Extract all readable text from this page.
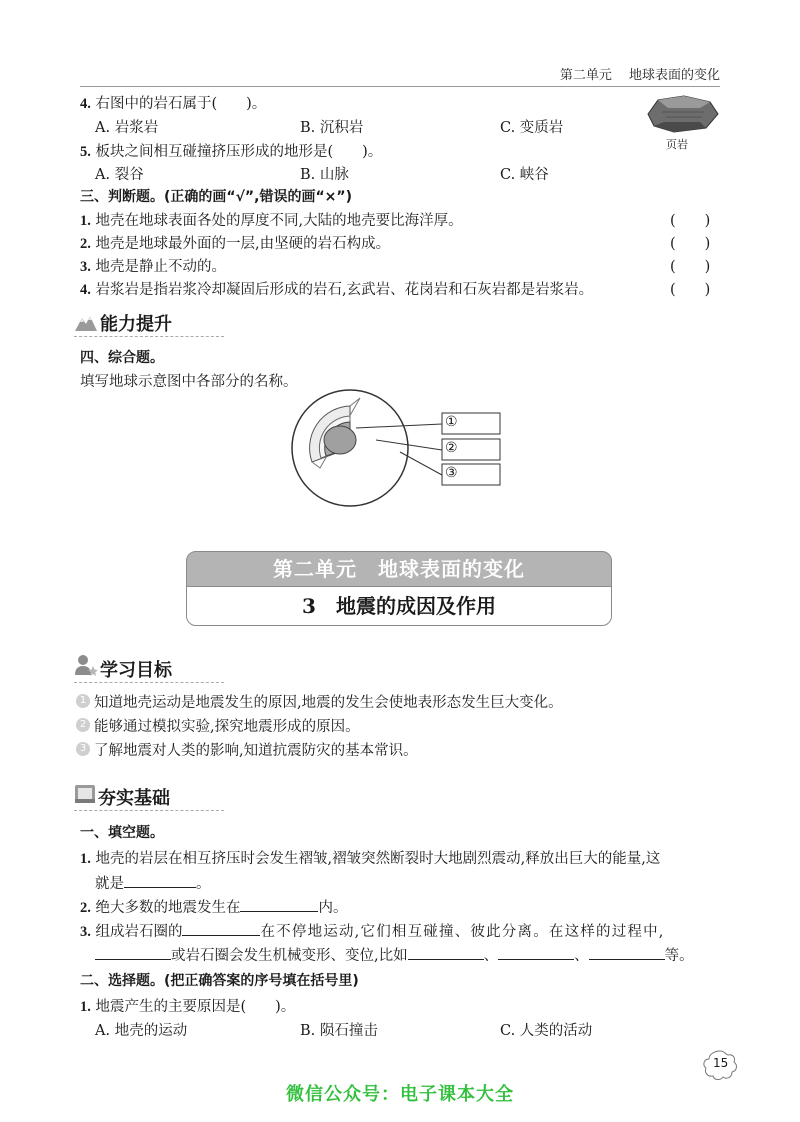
第二单元　 地球表面的变化
4. 右图中的岩石属于(　　)。
A. 岩浆岩	B. 沉积岩	C. 变质岩
5. 板块之间相互碰撞挤压形成的地形是(　　)。
A. 裂谷	B. 山脉	C. 峡谷
页岩
三、判断题。(正确的画“√”,错误的画“×”)
1. 地壳在地球表面各处的厚度不同,大陆的地壳要比海洋厚。	(　　)
2. 地壳是地球最外面的一层,由坚硬的岩石构成。	(　　)
3. 地壳是静止不动的。	(　　)
4. 岩浆岩是指岩浆冷却凝固后形成的岩石,玄武岩、花岗岩和石灰岩都是岩浆岩。	(　　)
能力提升
四、综合题。
填写地球示意图中各部分的名称。
①
②
③
第二单元　地球表面的变化
3　地震的成因及作用
学习目标
1 知道地壳运动是地震发生的原因,地震的发生会使地表形态发生巨大变化。
2 能够通过模拟实验,探究地震形成的原因。
3 了解地震对人类的影响,知道抗震防灾的基本常识。
夯实基础
一、填空题。
1. 地壳的岩层在相互挤压时会发生褶皱,褶皱突然断裂时大地剧烈震动,释放出巨大的能量,这
就是	。
2. 绝大多数的地震发生在	内。
3. 组成岩石圈的	在不停地运动,它们相互碰撞、彼此分离。在这样的过程中,
或岩石圈会发生机械变形、变位,比如	、	、	等。
二、选择题。(把正确答案的序号填在括号里)
1. 地震产生的主要原因是(　　)。
A. 地壳的运动	B. 陨石撞击	C. 人类的活动
15
微信公众号：电子课本大全
